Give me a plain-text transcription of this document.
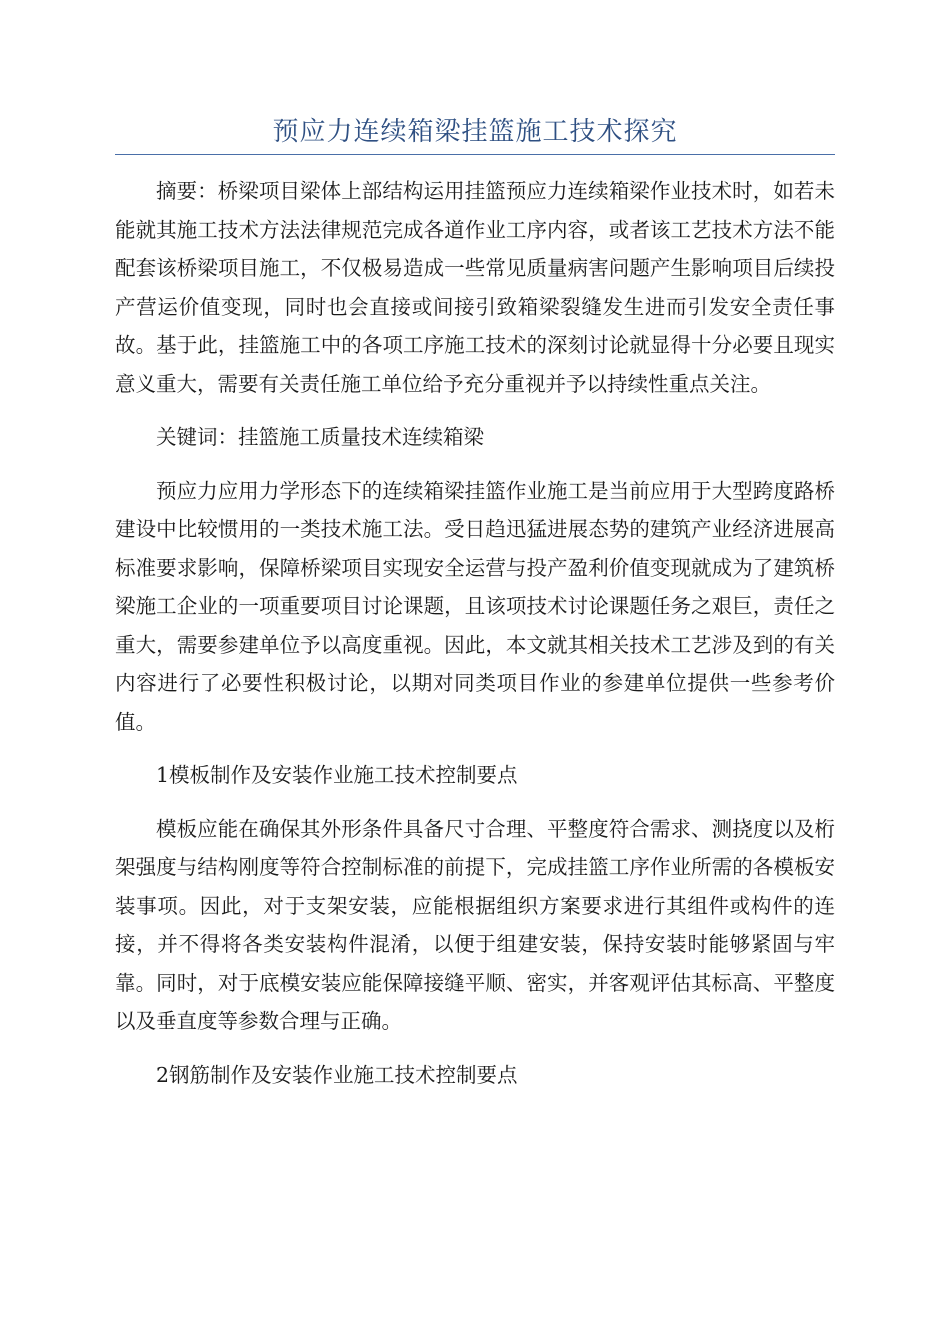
预应力连续箱梁挂篮施工技术探究

摘要：桥梁项目梁体上部结构运用挂篮预应力连续箱梁作业技术时，如若未能就其施工技术方法法律规范完成各道作业工序内容，或者该工艺技术方法不能配套该桥梁项目施工，不仅极易造成一些常见质量病害问题产生影响项目后续投产营运价值变现，同时也会直接或间接引致箱梁裂缝发生进而引发安全责任事故。基于此，挂篮施工中的各项工序施工技术的深刻讨论就显得十分必要且现实意义重大，需要有关责任施工单位给予充分重视并予以持续性重点关注。

关键词：挂篮施工质量技术连续箱梁

预应力应用力学形态下的连续箱梁挂篮作业施工是当前应用于大型跨度路桥建设中比较惯用的一类技术施工法。受日趋迅猛进展态势的建筑产业经济进展高标准要求影响，保障桥梁项目实现安全运营与投产盈利价值变现就成为了建筑桥梁施工企业的一项重要项目讨论课题，且该项技术讨论课题任务之艰巨，责任之重大，需要参建单位予以高度重视。因此，本文就其相关技术工艺涉及到的有关内容进行了必要性积极讨论，以期对同类项目作业的参建单位提供一些参考价值。

1模板制作及安装作业施工技术控制要点

模板应能在确保其外形条件具备尺寸合理、平整度符合需求、测挠度以及桁架强度与结构刚度等符合控制标准的前提下，完成挂篮工序作业所需的各模板安装事项。因此，对于支架安装，应能根据组织方案要求进行其组件或构件的连接，并不得将各类安装构件混淆，以便于组建安装，保持安装时能够紧固与牢靠。同时，对于底模安装应能保障接缝平顺、密实，并客观评估其标高、平整度以及垂直度等参数合理与正确。

2钢筋制作及安装作业施工技术控制要点
